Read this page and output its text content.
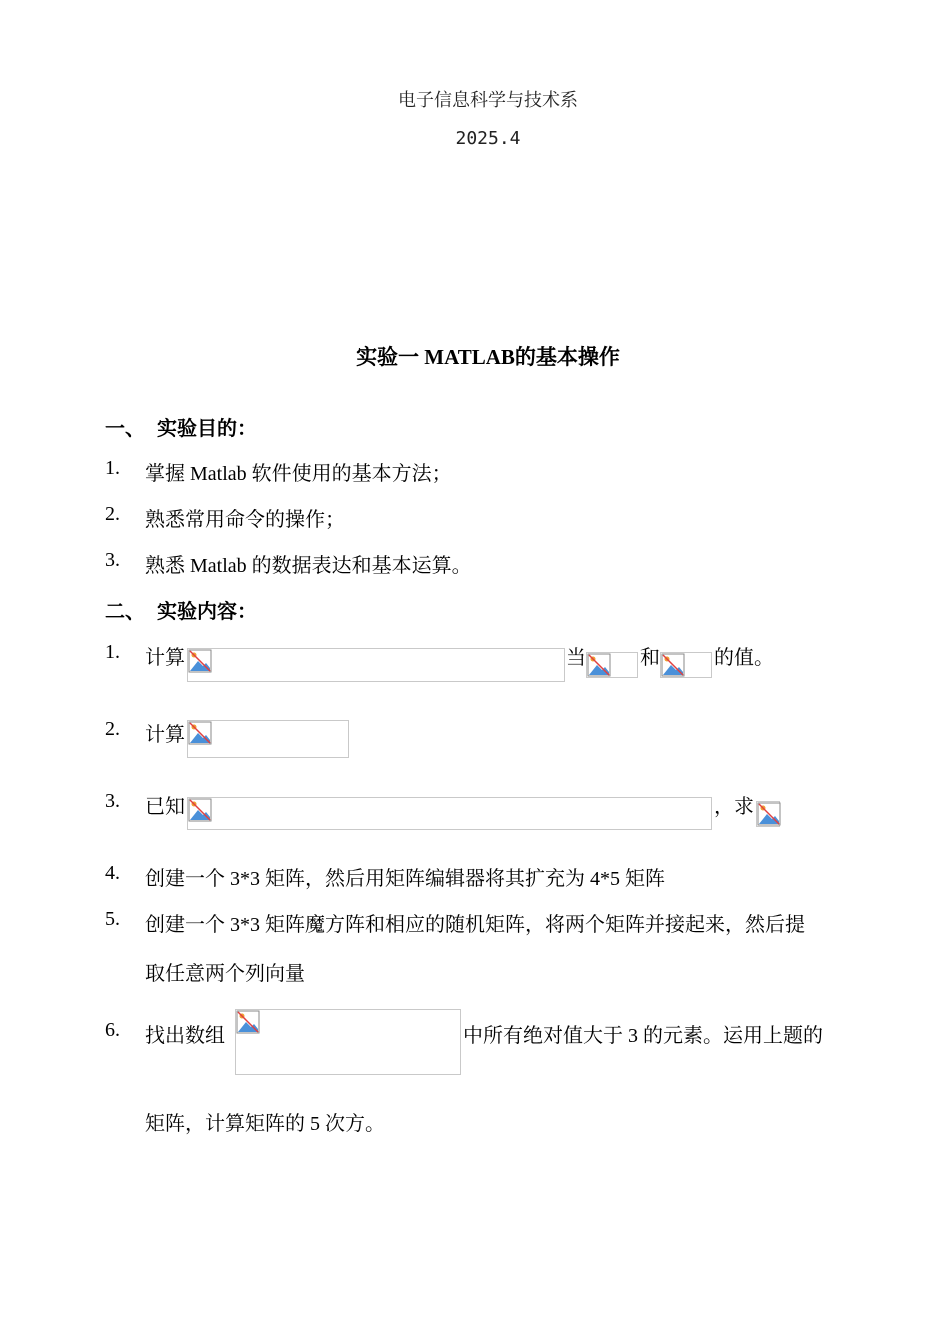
电子信息科学与技术系
2025.4
实验一 MATLAB的基本操作
一、 实验目的：
1. 掌握 Matlab 软件使用的基本方法；
2. 熟悉常用命令的操作；
3. 熟悉 Matlab 的数据表达和基本运算。
二、 实验内容：
1. 计算	当	和	的值。
2. 计算
3. 已知	，求
4. 创建一个 3*3 矩阵，然后用矩阵编辑器将其扩充为 4*5 矩阵
5. 创建一个 3*3 矩阵魔方阵和相应的随机矩阵，将两个矩阵并接起来，然后提
取任意两个列向量
6. 找出数组	中所有绝对值大于 3 的元素。运用上题的
矩阵，计算矩阵的 5 次方。
